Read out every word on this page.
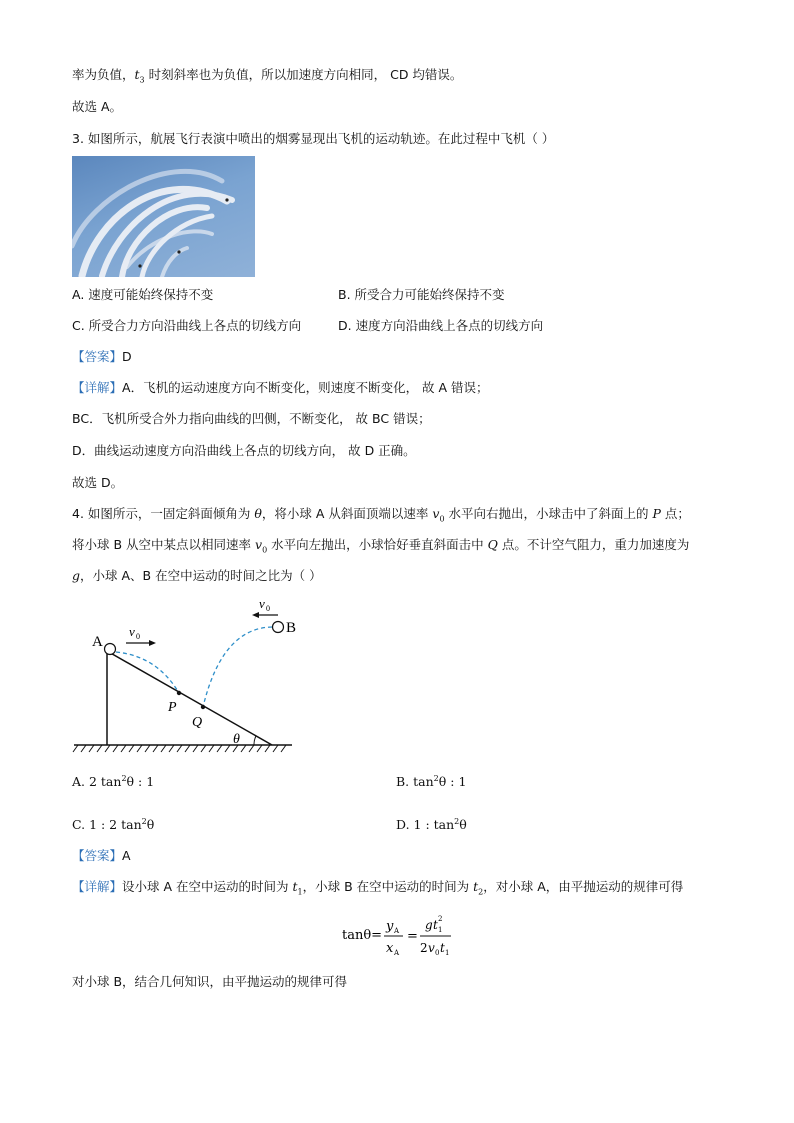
率为负值，$t_3$ 时刻斜率也为负值，所以加速度方向相同， CD 均错误。
故选 A。
3. 如图所示，航展飞行表演中喷出的烟雾显现出飞机的运动轨迹。在此过程中飞机（ ）
A. 速度可能始终保持不变	B. 所受合力可能始终保持不变
C. 所受合力方向沿曲线上各点的切线方向	D. 速度方向沿曲线上各点的切线方向
【答案】D
【详解】A．飞机的运动速度方向不断变化，则速度不断变化， 故 A 错误；
BC．飞机所受合外力指向曲线的凹侧，不断变化， 故 BC 错误；
D．曲线运动速度方向沿曲线上各点的切线方向， 故 D 正确。
故选 D。
4. 如图所示，一固定斜面倾角为 θ，将小球 A 从斜面顶端以速率 $v_0$ 水平向右抛出，小球击中了斜面上的 P 点；
将小球 B 从空中某点以相同速率 $v_0$ 水平向左抛出，小球恰好垂直斜面击中 Q 点。不计空气阻力，重力加速度为
g，小球 A、B 在空中运动的时间之比为（ ）
A
B
P
Q
θ
v 0
v 0
A. 2 $\tan^2\theta$ : 1	B. $\tan^2\theta$ : 1
C. 1 : 2 $\tan^2\theta$	D. 1 : $\tan^2\theta$
【答案】A
【详解】设小球 A 在空中运动的时间为 $t_1$，小球 B 在空中运动的时间为 $t_2$，对小球 A，由平抛运动的规律可得
tanθ=
y A
x A
=
g t 1
2
2 v 0 t 1
对小球 B，结合几何知识，由平抛运动的规律可得
